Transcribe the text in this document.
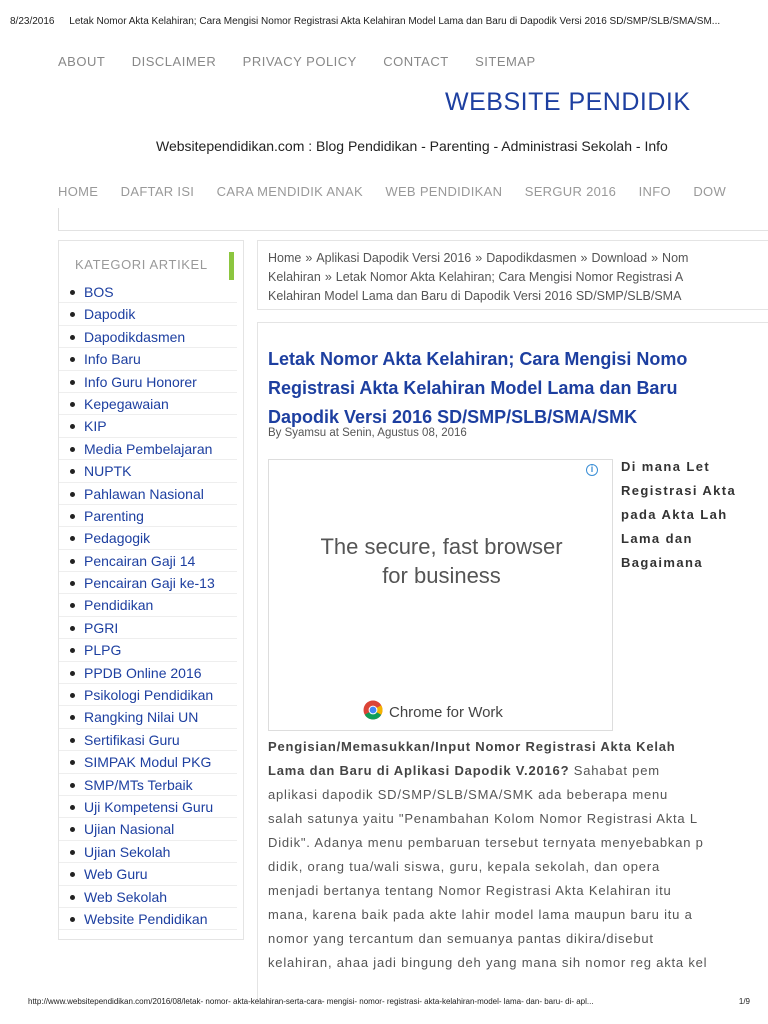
8/23/2016 Letak Nomor Akta Kelahiran; Cara Mengisi Nomor Registrasi Akta Kelahiran Model Lama dan Baru di Dapodik Versi 2016 SD/SMP/SLB/SMA/SM...
ABOUT DISCLAIMER PRIVACY POLICY CONTACT SITEMAP
WEBSITE PENDIDIK
Websitependidikan.com : Blog Pendidikan - Parenting - Administrasi Sekolah - Info
HOME DAFTAR ISI CARA MENDIDIK ANAK WEB PENDIDIKAN SERGUR 2016 INFO DOW
KATEGORI ARTIKEL
BOS
Dapodik
Dapodikdasmen
Info Baru
Info Guru Honorer
Kepegawaian
KIP
Media Pembelajaran
NUPTK
Pahlawan Nasional
Parenting
Pedagogik
Pencairan Gaji 14
Pencairan Gaji ke-13
Pendidikan
PGRI
PLPG
PPDB Online 2016
Psikologi Pendidikan
Rangking Nilai UN
Sertifikasi Guru
SIMPAK Modul PKG
SMP/MTs Terbaik
Uji Kompetensi Guru
Ujian Nasional
Ujian Sekolah
Web Guru
Web Sekolah
Website Pendidikan
Home » Aplikasi Dapodik Versi 2016 » Dapodikdasmen » Download » Nom
Kelahiran » Letak Nomor Akta Kelahiran; Cara Mengisi Nomor Registrasi A
Kelahiran Model Lama dan Baru di Dapodik Versi 2016 SD/SMP/SLB/SMA
Letak Nomor Akta Kelahiran; Cara Mengisi Nomo
Registrasi Akta Kelahiran Model Lama dan Baru
Dapodik Versi 2016 SD/SMP/SLB/SMA/SMK
By Syamsu at Senin, Agustus 08, 2016
i
The secure, fast browser
for business
Chrome for Work
Di mana Let
Registrasi Akta
pada Akta Lah
Lama dan
Bagaimana
Pengisian/Memasukkan/Input Nomor Registrasi Akta Kelah
Lama dan Baru di Aplikasi Dapodik V.2016? Sahabat pem
aplikasi dapodik SD/SMP/SLB/SMA/SMK ada beberapa menu
salah satunya yaitu "Penambahan Kolom Nomor Registrasi Akta L
Didik". Adanya menu pembaruan tersebut ternyata menyebabkan p
didik, orang tua/wali siswa, guru, kepala sekolah, dan opera
menjadi bertanya tentang Nomor Registrasi Akta Kelahiran itu
mana, karena baik pada akte lahir model lama maupun baru itu a
nomor yang tercantum dan semuanya pantas dikira/disebut
kelahiran, ahaa jadi bingung deh yang mana sih nomor reg akta kel
http://www.websitependidikan.com/2016/08/letak- nomor- akta-kelahiran-serta-cara- mengisi- nomor- registrasi- akta-kelahiran-model- lama- dan- baru- di- apl...	1/9
